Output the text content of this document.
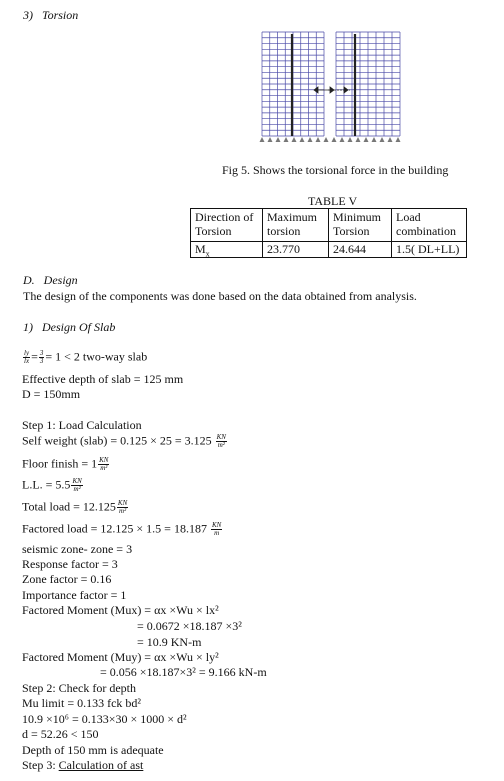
3) Torsion
Fig 5. Shows the torsional force in the building
TABLE V
Direction of Torsion	Maximum torsion	Minimum Torsion	Load combination
$M_x$	23.770	24.644	1.5( DL+LL)
D. Design
The design of the components was done based on the data obtained from analysis.
1) Design Of Slab
$\frac{ly}{lx} = \frac{3}{3} = 1 < 2$ two-way slab
Effective depth of slab = 125 mm
D = 150mm
Step 1: Load Calculation
Self weight (slab) = $0.125 \times 25 = 3.125 \frac{KN}{\text{m²}}$
Floor finish = $1 \frac{KN}{\text{m²}}$
L.L. = $5.5 \frac{KN}{\text{m²}}$
Total load = $12.125 \frac{KN}{\text{m²}}$
Factored load = $12.125 \times 1.5 = 18.187 \frac{KN}{m}$
seismic zone- zone = 3
Response factor = 3
Zone factor = 0.16
Importance factor = 1
Factored Moment (Mux) = αx ×Wu × lx²
= 0.0672 ×18.187 ×3²
= 10.9 KN-m
Factored Moment (Muy) = αx ×Wu × ly²
= 0.056 ×18.187×3² = 9.166 kN-m
Step 2: Check for depth
Mu limit = 0.133 fck bd²
10.9 ×10⁶ = 0.133×30 × 1000 × d²
d = 52.26 < 150
Depth of 150 mm is adequate
Step 3: Calculation of ast
